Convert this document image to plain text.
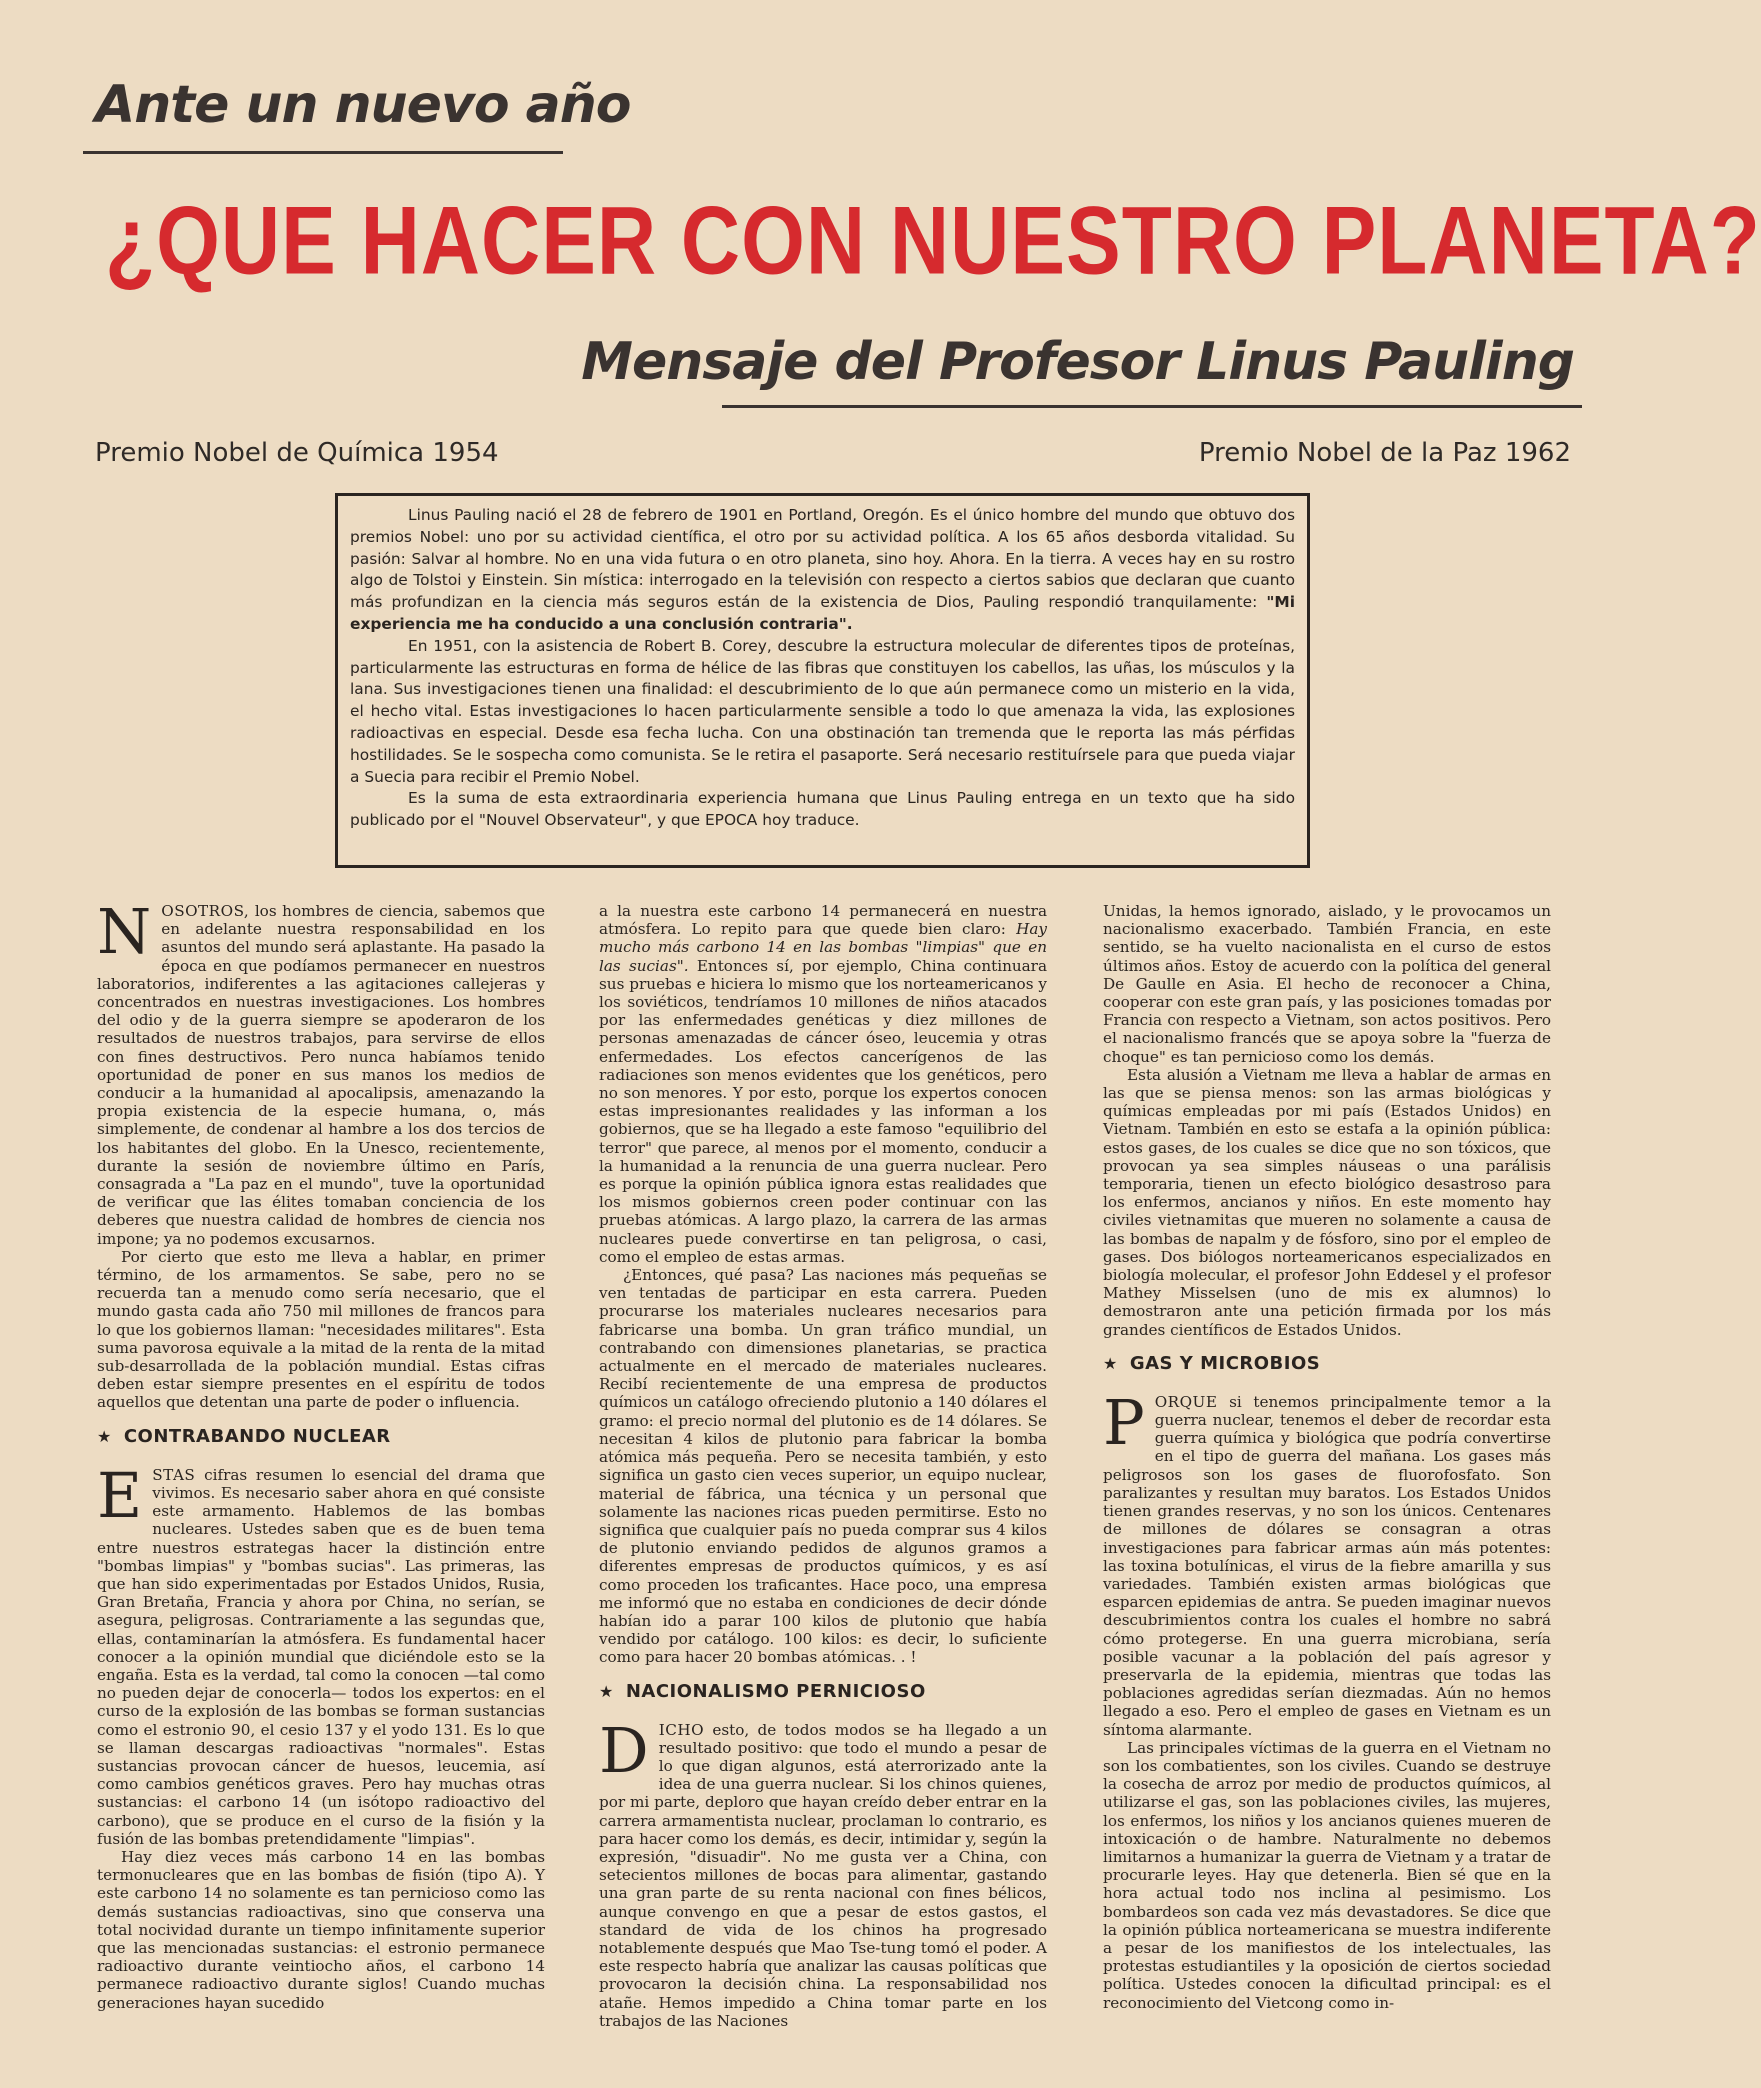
Ante un nuevo año
¿QUE HACER CON NUESTRO PLANETA?
Mensaje del Profesor Linus Pauling
Premio Nobel de Química 1954	Premio Nobel de la Paz 1962

Linus Pauling nació el 28 de febrero de 1901 en Portland, Oregón. Es el único hombre del mundo que obtuvo dos premios Nobel: uno por su actividad científica, el otro por su actividad política. A los 65 años desborda vitalidad. Su pasión: Salvar al hombre. No en una vida futura o en otro planeta, sino hoy. Ahora. En la tierra. A veces hay en su rostro algo de Tolstoi y Einstein. Sin mística: interrogado en la televisión con respecto a ciertos sabios que declaran que cuanto más profundizan en la ciencia más seguros están de la existencia de Dios, Pauling respondió tranquilamente: "Mi experiencia me ha conducido a una conclusión contraria".

En 1951, con la asistencia de Robert B. Corey, descubre la estructura molecular de diferentes tipos de proteínas, particularmente las estructuras en forma de hélice de las fibras que constituyen los cabellos, las uñas, los músculos y la lana. Sus investigaciones tienen una finalidad: el descubrimiento de lo que aún permanece como un misterio en la vida, el hecho vital. Estas investigaciones lo hacen particularmente sensible a todo lo que amenaza la vida, las explosiones radioactivas en especial. Desde esa fecha lucha. Con una obstinación tan tremenda que le reporta las más pérfidas hostilidades. Se le sospecha como comunista. Se le retira el pasaporte. Será necesario restituírsele para que pueda viajar a Suecia para recibir el Premio Nobel.

Es la suma de esta extraordinaria experiencia humana que Linus Pauling entrega en un texto que ha sido publicado por el "Nouvel Observateur", y que EPOCA hoy traduce.

NOSOTROS, los hombres de ciencia, sabemos que en adelante nuestra responsabilidad en los asuntos del mundo será aplastante. Ha pasado la época en que podíamos permanecer en nuestros laboratorios, indiferentes a las agitaciones callejeras y concentrados en nuestras investigaciones. Los hombres del odio y de la guerra siempre se apoderaron de los resultados de nuestros trabajos, para servirse de ellos con fines destructivos. Pero nunca habíamos tenido oportunidad de poner en sus manos los medios de conducir a la humanidad al apocalipsis, amenazando la propia existencia de la especie humana, o, más simplemente, de condenar al hambre a los dos tercios de los habitantes del globo. En la Unesco, recientemente, durante la sesión de noviembre último en París, consagrada a "La paz en el mundo", tuve la oportunidad de verificar que las élites tomaban conciencia de los deberes que nuestra calidad de hombres de ciencia nos impone; ya no podemos excusarnos.

Por cierto que esto me lleva a hablar, en primer término, de los armamentos. Se sabe, pero no se recuerda tan a menudo como sería necesario, que el mundo gasta cada año 750 mil millones de francos para lo que los gobiernos llaman: "necesidades militares". Esta suma pavorosa equivale a la mitad de la renta de la mitad sub-desarrollada de la población mundial. Estas cifras deben estar siempre presentes en el espíritu de todos aquellos que detentan una parte de poder o influencia.

★ CONTRABANDO NUCLEAR

ESTAS cifras resumen lo esencial del drama que vivimos. Es necesario saber ahora en qué consiste este armamento. Hablemos de las bombas nucleares. Ustedes saben que es de buen tema entre nuestros estrategas hacer la distinción entre "bombas limpias" y "bombas sucias". Las primeras, las que han sido experimentadas por Estados Unidos, Rusia, Gran Bretaña, Francia y ahora por China, no serían, se asegura, peligrosas. Contrariamente a las segundas que, ellas, contaminarían la atmósfera. Es fundamental hacer conocer a la opinión mundial que diciéndole esto se la engaña. Esta es la verdad, tal como la conocen —tal como no pueden dejar de conocerla— todos los expertos: en el curso de la explosión de las bombas se forman sustancias como el estronio 90, el cesio 137 y el yodo 131. Es lo que se llaman descargas radioactivas "normales". Estas sustancias provocan cáncer de huesos, leucemia, así como cambios genéticos graves. Pero hay muchas otras sustancias: el carbono 14 (un isótopo radioactivo del carbono), que se produce en el curso de la fisión y la fusión de las bombas pretendidamente "limpias".

Hay diez veces más carbono 14 en las bombas termonucleares que en las bombas de fisión (tipo A). Y este carbono 14 no solamente es tan pernicioso como las demás sustancias radioactivas, sino que conserva una total nocividad durante un tiempo infinitamente superior que las mencionadas sustancias: el estronio permanece radioactivo durante veintiocho años, el carbono 14 permanece radioactivo durante siglos! Cuando muchas generaciones hayan sucedido

a la nuestra este carbono 14 permanecerá en nuestra atmósfera. Lo repito para que quede bien claro: Hay mucho más carbono 14 en las bombas "limpias" que en las sucias". Entonces sí, por ejemplo, China continuara sus pruebas e hiciera lo mismo que los norteamericanos y los soviéticos, tendríamos 10 millones de niños atacados por las enfermedades genéticas y diez millones de personas amenazadas de cáncer óseo, leucemia y otras enfermedades. Los efectos cancerígenos de las radiaciones son menos evidentes que los genéticos, pero no son menores. Y por esto, porque los expertos conocen estas impresionantes realidades y las informan a los gobiernos, que se ha llegado a este famoso "equilibrio del terror" que parece, al menos por el momento, conducir a la humanidad a la renuncia de una guerra nuclear. Pero es porque la opinión pública ignora estas realidades que los mismos gobiernos creen poder continuar con las pruebas atómicas. A largo plazo, la carrera de las armas nucleares puede convertirse en tan peligrosa, o casi, como el empleo de estas armas.

¿Entonces, qué pasa? Las naciones más pequeñas se ven tentadas de participar en esta carrera. Pueden procurarse los materiales nucleares necesarios para fabricarse una bomba. Un gran tráfico mundial, un contrabando con dimensiones planetarias, se practica actualmente en el mercado de materiales nucleares. Recibí recientemente de una empresa de productos químicos un catálogo ofreciendo plutonio a 140 dólares el gramo: el precio normal del plutonio es de 14 dólares. Se necesitan 4 kilos de plutonio para fabricar la bomba atómica más pequeña. Pero se necesita también, y esto significa un gasto cien veces superior, un equipo nuclear, material de fábrica, una técnica y un personal que solamente las naciones ricas pueden permitirse. Esto no significa que cualquier país no pueda comprar sus 4 kilos de plutonio enviando pedidos de algunos gramos a diferentes empresas de productos químicos, y es así como proceden los traficantes. Hace poco, una empresa me informó que no estaba en condiciones de decir dónde habían ido a parar 100 kilos de plutonio que había vendido por catálogo. 100 kilos: es decir, lo suficiente como para hacer 20 bombas atómicas. . !

★ NACIONALISMO PERNICIOSO

DICHO esto, de todos modos se ha llegado a un resultado positivo: que todo el mundo a pesar de lo que digan algunos, está aterrorizado ante la idea de una guerra nuclear. Si los chinos quienes, por mi parte, deploro que hayan creído deber entrar en la carrera armamentista nuclear, proclaman lo contrario, es para hacer como los demás, es decir, intimidar y, según la expresión, "disuadir". No me gusta ver a China, con setecientos millones de bocas para alimentar, gastando una gran parte de su renta nacional con fines bélicos, aunque convengo en que a pesar de estos gastos, el standard de vida de los chinos ha progresado notablemente después que Mao Tse-tung tomó el poder. A este respecto habría que analizar las causas políticas que provocaron la decisión china. La responsabilidad nos atañe. Hemos impedido a China tomar parte en los trabajos de las Naciones

Unidas, la hemos ignorado, aislado, y le provocamos un nacionalismo exacerbado. También Francia, en este sentido, se ha vuelto nacionalista en el curso de estos últimos años. Estoy de acuerdo con la política del general De Gaulle en Asia. El hecho de reconocer a China, cooperar con este gran país, y las posiciones tomadas por Francia con respecto a Vietnam, son actos positivos. Pero el nacionalismo francés que se apoya sobre la "fuerza de choque" es tan pernicioso como los demás.

Esta alusión a Vietnam me lleva a hablar de armas en las que se piensa menos: son las armas biológicas y químicas empleadas por mi país (Estados Unidos) en Vietnam. También en esto se estafa a la opinión pública: estos gases, de los cuales se dice que no son tóxicos, que provocan ya sea simples náuseas o una parálisis temporaria, tienen un efecto biológico desastroso para los enfermos, ancianos y niños. En este momento hay civiles vietnamitas que mueren no solamente a causa de las bombas de napalm y de fósforo, sino por el empleo de gases. Dos biólogos norteamericanos especializados en biología molecular, el profesor John Eddesel y el profesor Mathey Misselsen (uno de mis ex alumnos) lo demostraron ante una petición firmada por los más grandes científicos de Estados Unidos.

★ GAS Y MICROBIOS

PORQUE si tenemos principalmente temor a la guerra nuclear, tenemos el deber de recordar esta guerra química y biológica que podría convertirse en el tipo de guerra del mañana. Los gases más peligrosos son los gases de fluorofosfato. Son paralizantes y resultan muy baratos. Los Estados Unidos tienen grandes reservas, y no son los únicos. Centenares de millones de dólares se consagran a otras investigaciones para fabricar armas aún más potentes: las toxina botulínicas, el virus de la fiebre amarilla y sus variedades. También existen armas biológicas que esparcen epidemias de antra. Se pueden imaginar nuevos descubrimientos contra los cuales el hombre no sabrá cómo protegerse. En una guerra microbiana, sería posible vacunar a la población del país agresor y preservarla de la epidemia, mientras que todas las poblaciones agredidas serían diezmadas. Aún no hemos llegado a eso. Pero el empleo de gases en Vietnam es un síntoma alarmante.

Las principales víctimas de la guerra en el Vietnam no son los combatientes, son los civiles. Cuando se destruye la cosecha de arroz por medio de productos químicos, al utilizarse el gas, son las poblaciones civiles, las mujeres, los enfermos, los niños y los ancianos quienes mueren de intoxicación o de hambre. Naturalmente no debemos limitarnos a humanizar la guerra de Vietnam y a tratar de procurarle leyes. Hay que detenerla. Bien sé que en la hora actual todo nos inclina al pesimismo. Los bombardeos son cada vez más devastadores. Se dice que la opinión pública norteamericana se muestra indiferente a pesar de los manifiestos de los intelectuales, las protestas estudiantiles y la oposición de ciertos sociedad política. Ustedes conocen la dificultad principal: es el reconocimiento del Vietcong como in-
